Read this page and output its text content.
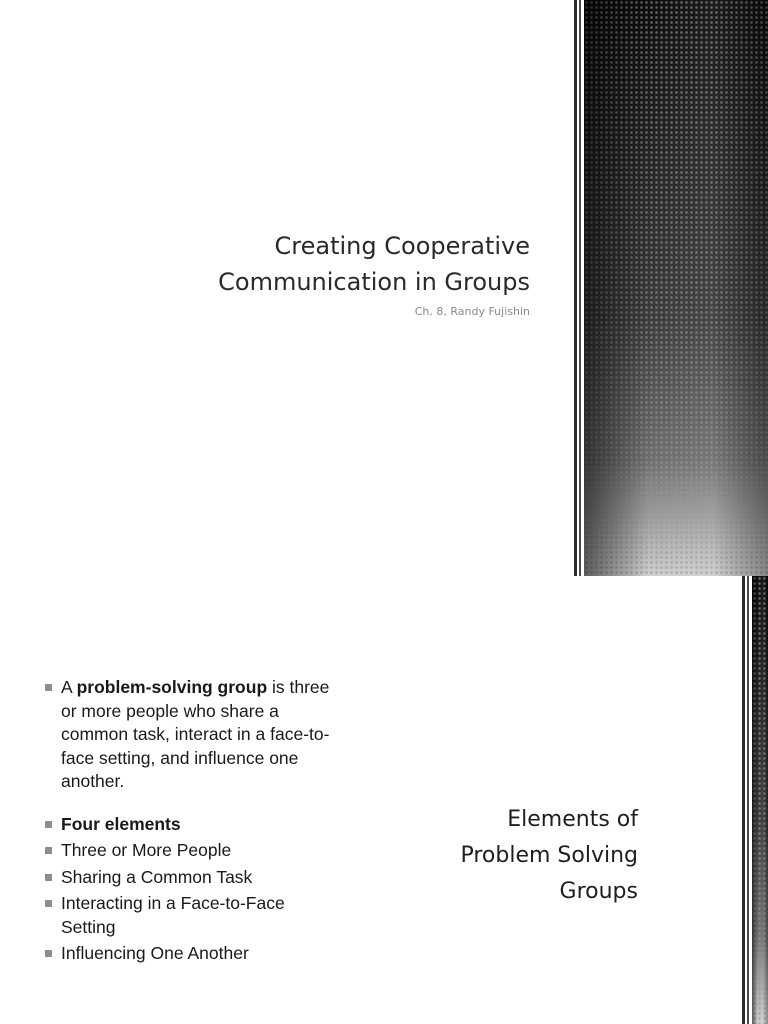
Creating Cooperative
Communication in Groups

Ch. 8, Randy Fujishin

A problem-solving group is three or more people who share a common task, interact in a face-to-face setting, and influence one another.
Four elements
Three or More People
Sharing a Common Task
Interacting in a Face-to-Face Setting
Influencing One Another
Elements of
Problem Solving
Groups
